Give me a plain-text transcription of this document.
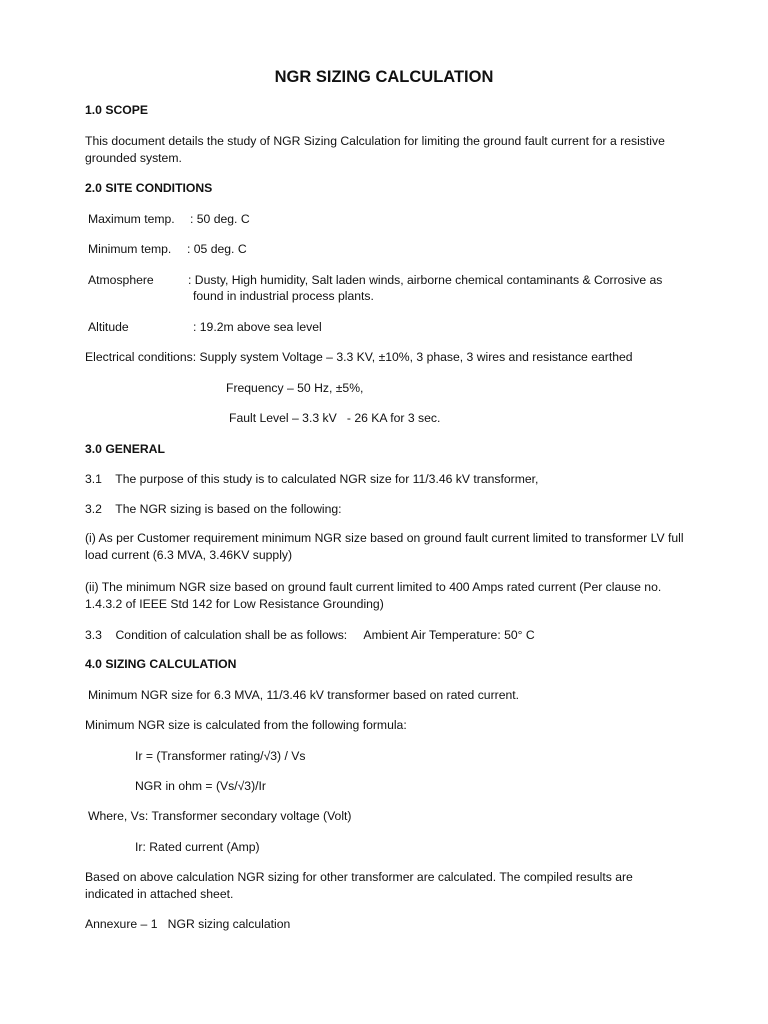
NGR SIZING CALCULATION
1.0 SCOPE

This document details the study of NGR Sizing Calculation for limiting the ground fault current for a resistive grounded system.

2.0 SITE CONDITIONS
Maximum temp. : 50 deg. C
Minimum temp. : 05 deg. C
Atmosphere	: Dusty, High humidity, Salt laden winds, airborne chemical contaminants & Corrosive as
found in industrial process plants.
Altitude	: 19.2m above sea level
Electrical conditions: Supply system Voltage – 3.3 KV, ±10%, 3 phase, 3 wires and resistance earthed
Frequency – 50 Hz, ±5%,
Fault Level – 3.3 kV   - 26 KA for 3 sec.
3.0 GENERAL
3.1    The purpose of this study is to calculated NGR size for 11/3.46 kV transformer,
3.2    The NGR sizing is based on the following:

(i) As per Customer requirement minimum NGR size based on ground fault current limited to transformer LV full load current (6.3 MVA, 3.46KV supply)

(ii) The minimum NGR size based on ground fault current limited to 400 Amps rated current (Per clause no. 1.4.3.2 of IEEE Std 142 for Low Resistance Grounding)

3.3    Condition of calculation shall be as follows:     Ambient Air Temperature: 50° C
4.0 SIZING CALCULATION
Minimum NGR size for 6.3 MVA, 11/3.46 kV transformer based on rated current.
Minimum NGR size is calculated from the following formula:
Ir = (Transformer rating/√3) / Vs
NGR in ohm = (Vs/√3)/Ir
Where, Vs: Transformer secondary voltage (Volt)
Ir: Rated current (Amp)

Based on above calculation NGR sizing for other transformer are calculated. The compiled results are indicated in attached sheet.

Annexure – 1   NGR sizing calculation
